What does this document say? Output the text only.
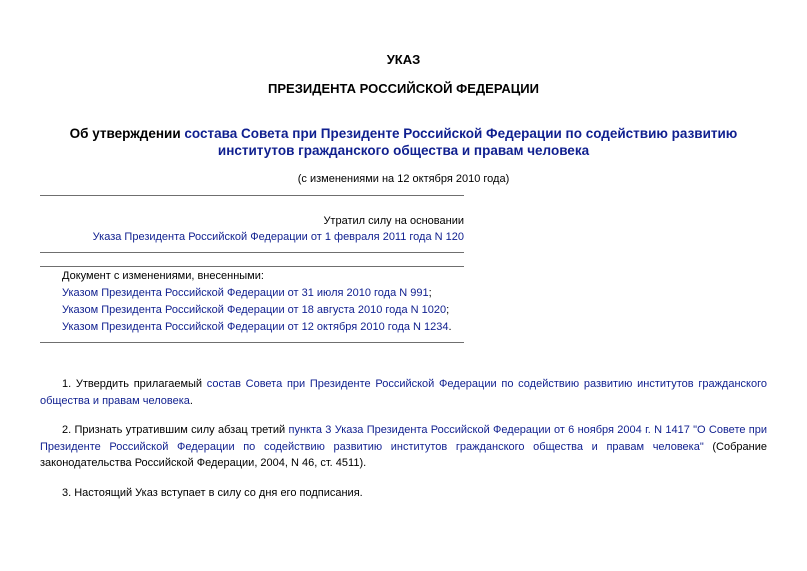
УКАЗ
ПРЕЗИДЕНТА РОССИЙСКОЙ ФЕДЕРАЦИИ
Об утверждении состава Совета при Президенте Российской Федерации по содействию развитию
институтов гражданского общества и правам человека
(с изменениями на 12 октября 2010 года)
Утратил силу на основании
Указа Президента Российской Федерации от 1 февраля 2011 года N 120
Документ с изменениями, внесенными:
Указом Президента Российской Федерации от 31 июля 2010 года N 991;
Указом Президента Российской Федерации от 18 августа 2010 года N 1020;
Указом Президента Российской Федерации от 12 октября 2010 года N 1234.
1. Утвердить прилагаемый состав Совета при Президенте Российской Федерации по содействию развитию институтов гражданского общества и правам человека.
2. Признать утратившим силу абзац третий пункта 3 Указа Президента Российской Федерации от 6 ноября 2004 г. N 1417 "О Совете при Президенте Российской Федерации по содействию развитию институтов гражданского общества и правам человека" (Собрание законодательства Российской Федерации, 2004, N 46, ст. 4511).
3. Настоящий Указ вступает в силу со дня его подписания.
